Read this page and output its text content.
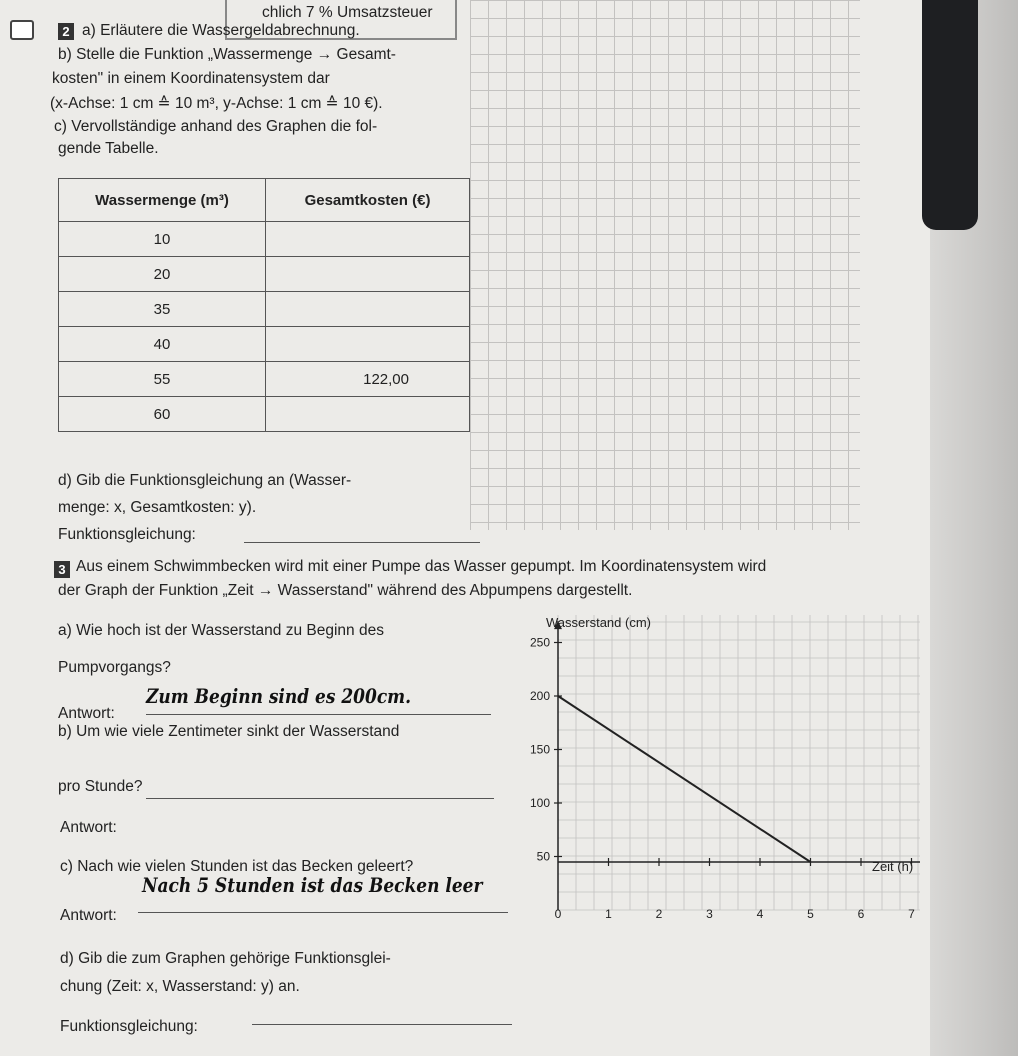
chlich 7 % Umsatzsteuer
2 a) Erläutere die Wassergeldabrechnung.
b) Stelle die Funktion „Wassermenge → Gesamt-
kosten" in einem Koordinatensystem dar
(x-Achse: 1 cm ≙ 10 m³, y-Achse: 1 cm ≙ 10 €).
c) Vervollständige anhand des Graphen die fol-
gende Tabelle.
Wassermenge (m³)	Gesamtkosten (€)
10	
20	
35	
40	
55	122,00
60	
d) Gib die Funktionsgleichung an (Wasser-
menge: x, Gesamtkosten: y).
Funktionsgleichung:
3 Aus einem Schwimmbecken wird mit einer Pumpe das Wasser gepumpt. Im Koordinatensystem wird
der Graph der Funktion „Zeit → Wasserstand" während des Abpumpens dargestellt.
a) Wie hoch ist der Wasserstand zu Beginn des
Pumpvorgangs?
Antwort:
Zum Beginn sind es 200cm.
b) Um wie viele Zentimeter sinkt der Wasserstand
pro Stunde?
Antwort:
c) Nach wie vielen Stunden ist das Becken geleert?
Antwort:
Nach 5 Stunden ist das Becken leer
d) Gib die zum Graphen gehörige Funktionsglei-
chung (Zeit: x, Wasserstand: y) an.
Funktionsgleichung:
50
100
150
200
250
0	1	2	3	4	5	6	7
Wasserstand (cm)
Zeit (h)
